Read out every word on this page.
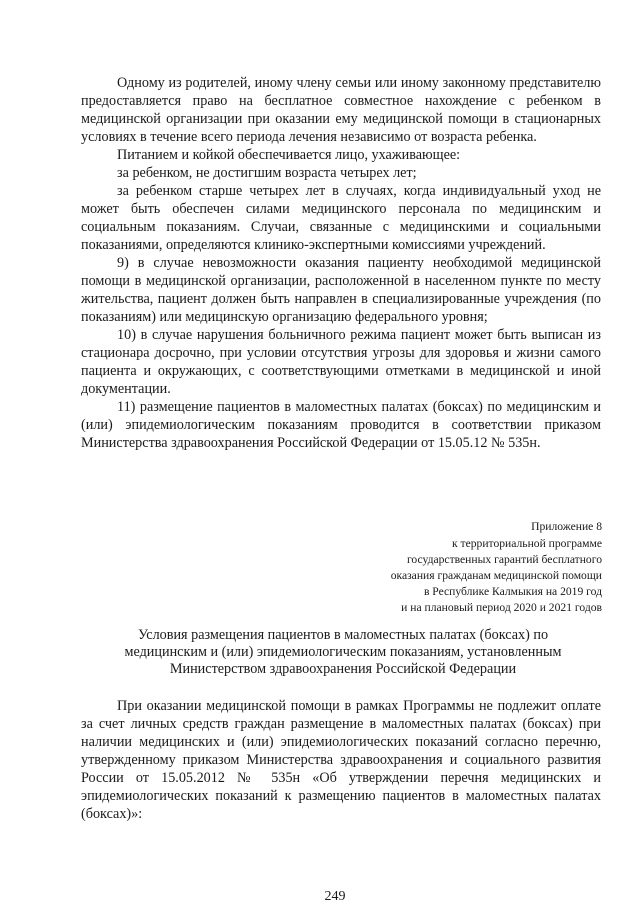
Одному из родителей, иному члену семьи или иному законному представителю предоставляется право на бесплатное совместное нахождение с ребенком в медицинской организации при оказании ему медицинской помощи в стационарных условиях в течение всего периода лечения независимо от возраста ребенка.

Питанием и койкой обеспечивается лицо, ухаживающее:

за ребенком, не достигшим возраста четырех лет;

за ребенком старше четырех лет в случаях, когда индивидуальный уход не может быть обеспечен силами медицинского персонала по медицинским и социальным показаниям. Случаи, связанные с медицинскими и социальными показаниями, определяются клинико-экспертными комиссиями учреждений.

9) в случае невозможности оказания пациенту необходимой медицинской помощи в медицинской организации, расположенной в населенном пункте по месту жительства, пациент должен быть направлен в специализированные учреждения (по показаниям) или медицинскую организацию федерального уровня;

10) в случае нарушения больничного режима пациент может быть выписан из стационара досрочно, при условии отсутствия угрозы для здоровья и жизни самого пациента и окружающих, с соответствующими отметками в медицинской и иной документации.

11) размещение пациентов в маломестных палатах (боксах) по медицинским и (или) эпидемиологическим показаниям проводится в соответствии приказом Министерства здравоохранения Российской Федерации от 15.05.12 № 535н.

Приложение 8
к территориальной программе
государственных гарантий бесплатного
оказания гражданам медицинской помощи
в Республике Калмыкия на 2019 год
и на плановый период 2020 и 2021 годов
Условия размещения пациентов в маломестных палатах (боксах) по
медицинским и (или) эпидемиологическим показаниям, установленным
Министерством здравоохранения Российской Федерации

При оказании медицинской помощи в рамках Программы не подлежит оплате за счет личных средств граждан размещение в маломестных палатах (боксах) при наличии медицинских и (или) эпидемиологических показаний согласно перечню, утвержденному приказом Министерства здравоохранения и социального развития России от 15.05.2012 № 535н «Об утверждении перечня медицинских и эпидемиологических показаний к размещению пациентов в маломестных палатах (боксах)»:

249
